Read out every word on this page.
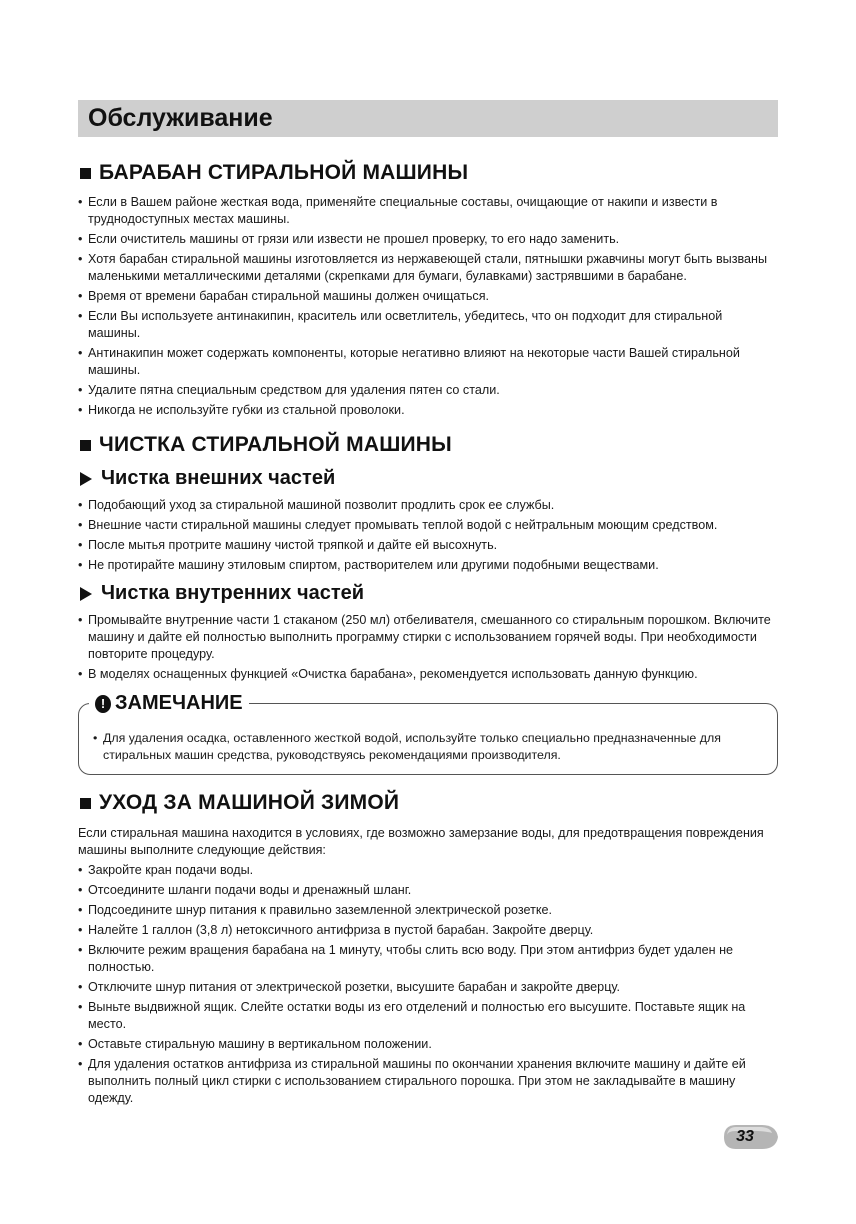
Обслуживание
БАРАБАН СТИРАЛЬНОЙ МАШИНЫ
• Если в Вашем районе жесткая вода, применяйте специальные составы, очищающие от накипи и извести в труднодоступных местах машины.
• Если очиститель машины от грязи или извести не прошел проверку, то его надо заменить.
• Хотя барабан стиральной машины изготовляется из нержавеющей стали, пятнышки ржавчины могут быть вызваны маленькими металлическими деталями (скрепками для бумаги, булавками) застрявшими в барабане.
• Время от времени барабан стиральной машины должен очищаться.
• Если Вы используете антинакипин, краситель или осветлитель, убедитесь, что он подходит для стиральной машины.
• Антинакипин может содержать компоненты, которые негативно влияют на некоторые части Вашей стиральной машины.
• Удалите пятна специальным средством для удаления пятен со стали.
• Никогда не используйте губки из стальной проволоки.
ЧИСТКА СТИРАЛЬНОЙ МАШИНЫ
Чистка внешних частей
• Подобающий уход за стиральной машиной позволит продлить срок ее службы.
• Внешние части стиральной машины следует промывать теплой водой с нейтральным моющим средством.
• После мытья протрите машину чистой тряпкой и дайте ей высохнуть.
• Не протирайте машину этиловым спиртом, растворителем или другими подобными веществами.
Чистка внутренних частей
• Промывайте внутренние части 1 стаканом (250 мл) отбеливателя, смешанного со стиральным порошком. Включите машину и дайте ей полностью выполнить программу стирки с использованием горячей воды. При необходимости повторите процедуру.
• В моделях оснащенных функцией «Очистка барабана», рекомендуется использовать данную функцию.
! ЗАМЕЧАНИЕ
• Для удаления осадка, оставленного жесткой водой, используйте только специально предназначенные для стиральных машин средства, руководствуясь рекомендациями производителя.
УХОД ЗА МАШИНОЙ ЗИМОЙ

Если стиральная машина находится в условиях, где возможно замерзание воды, для предотвращения повреждения машины выполните следующие действия:

• Закройте кран подачи воды.
• Отсоедините шланги подачи воды и дренажный шланг.
• Подсоедините шнур питания к правильно заземленной электрической розетке.
• Налейте 1 галлон (3,8 л) нетоксичного антифриза в пустой барабан. Закройте дверцу.
• Включите режим вращения барабана на 1 минуту, чтобы слить всю воду. При этом антифриз будет удален не полностью.
• Отключите шнур питания от электрической розетки, высушите барабан и закройте дверцу.
• Выньте выдвижной ящик. Слейте остатки воды из его отделений и полностью его высушите. Поставьте ящик на место.
• Оставьте стиральную машину в вертикальном положении.
• Для удаления остатков антифриза из стиральной машины по окончании хранения включите машину и дайте ей выполнить полный цикл стирки с использованием стирального порошка. При этом не закладывайте в машину одежду.
33
